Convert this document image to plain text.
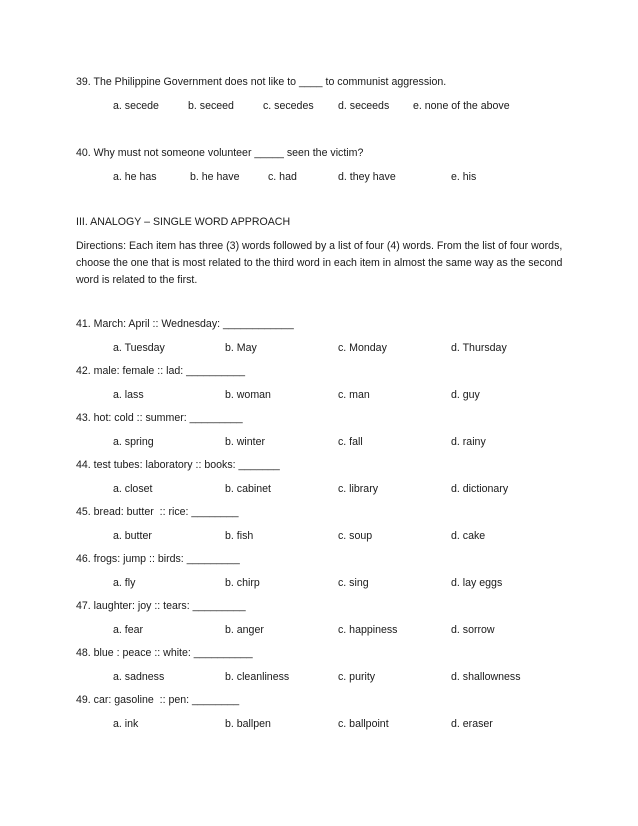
39. The Philippine Government does not like to ____ to communist aggression.
a. secede	b. seceed	c. secedes d. seceeds e. none of the above
40. Why must not someone volunteer _____ seen the victim?
a. he has	b. he have	c. had	d. they have	e. his
III. ANALOGY – SINGLE WORD APPROACH
Directions: Each item has three (3) words followed by a list of four (4) words. From the list of four words, choose the one that is most related to the third word in each item in almost the same way as the second word is related to the first.
41. March: April :: Wednesday: ____________
a. Tuesday	b. May	c. Monday	d. Thursday
42. male: female :: lad: __________
a. lass	b. woman	c. man	d. guy
43. hot: cold :: summer: _________
a. spring	b. winter	c. fall	d. rainy
44. test tubes: laboratory :: books: _______
a. closet	b. cabinet	c. library	d. dictionary
45. bread: butter  :: rice: ________
a. butter	b. fish	c. soup	d. cake
46. frogs: jump :: birds: _________
a. fly	b. chirp	c. sing	d. lay eggs
47. laughter: joy :: tears: _________
a. fear	b. anger	c. happiness	d. sorrow
48. blue : peace :: white: __________
a. sadness	b. cleanliness	c. purity	d. shallowness
49. car: gasoline  :: pen: ________
a. ink	b. ballpen	c. ballpoint	d. eraser
